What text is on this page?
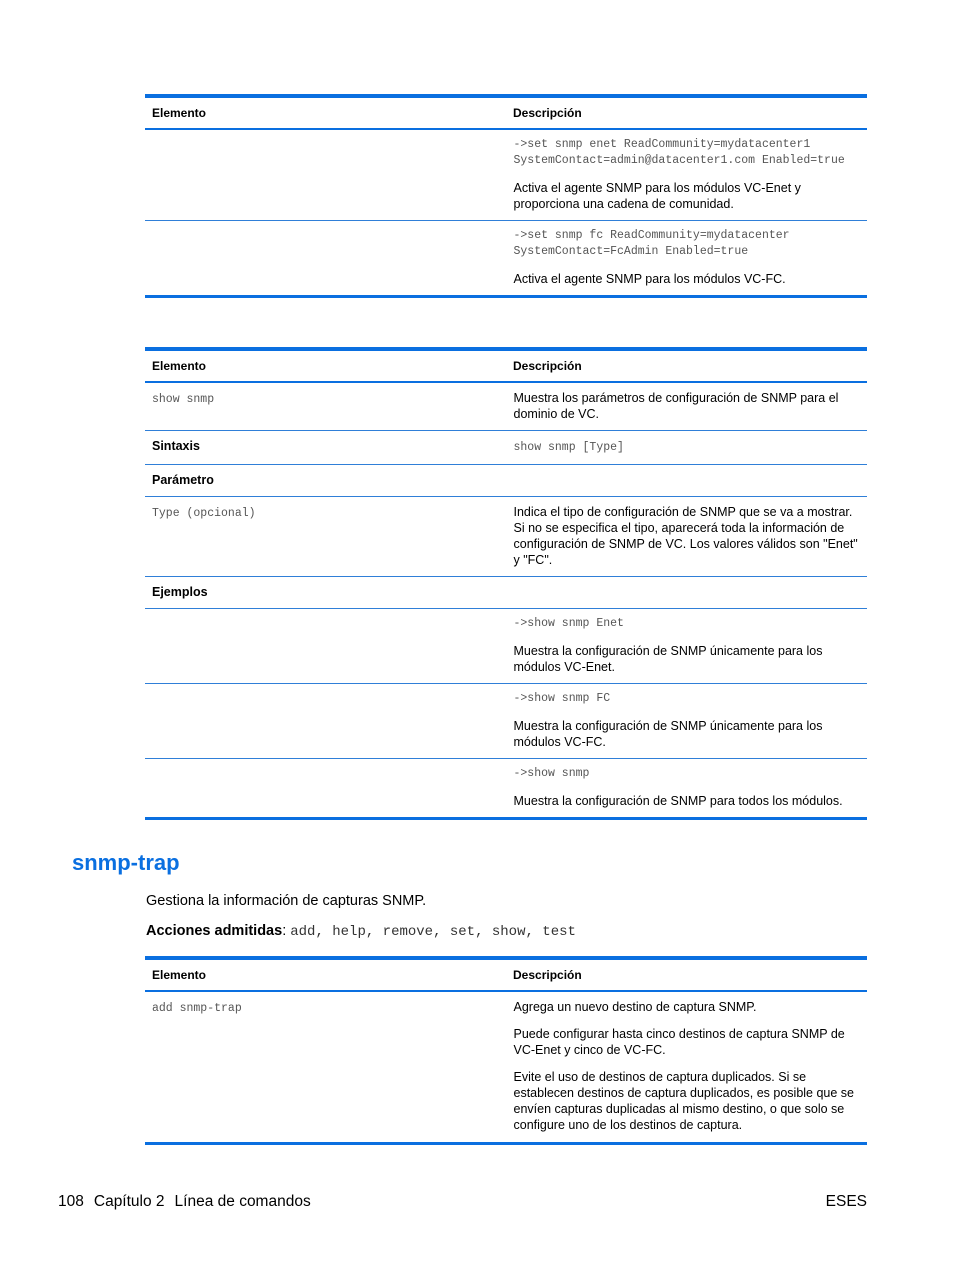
Elemento	Descripción

	->set snmp enet ReadCommunity=mydatacenter1 SystemContact=admin@datacenter1.com Enabled=true

Activa el agente SNMP para los módulos VC-Enet y proporciona una cadena de comunidad.

	->set snmp fc ReadCommunity=mydatacenter SystemContact=FcAdmin Enabled=true

Activa el agente SNMP para los módulos VC-FC.

Elemento	Descripción
show snmp	Muestra los parámetros de configuración de SNMP para el dominio de VC.
Sintaxis	show snmp [Type]
Parámetro	
Type (opcional)	Indica el tipo de configuración de SNMP que se va a mostrar. Si no se especifica el tipo, aparecerá toda la información de configuración de SNMP de VC. Los valores válidos son "Enet" y "FC".
Ejemplos	

	->show snmp Enet

Muestra la configuración de SNMP únicamente para los módulos VC-Enet.

	->show snmp FC

Muestra la configuración de SNMP únicamente para los módulos VC-FC.

	->show snmp

Muestra la configuración de SNMP para todos los módulos.

snmp-trap
Gestiona la información de capturas SNMP.
Acciones admitidas: add, help, remove, set, show, test
Elemento	Descripción
add snmp-trap	Agrega un nuevo destino de captura SNMP.

Puede configurar hasta cinco destinos de captura SNMP de VC-Enet y cinco de VC-FC.

Evite el uso de destinos de captura duplicados. Si se establecen destinos de captura duplicados, es posible que se envíen capturas duplicadas al mismo destino, o que solo se configure uno de los destinos de captura.

108 Capítulo 2 Línea de comandos	ESES
